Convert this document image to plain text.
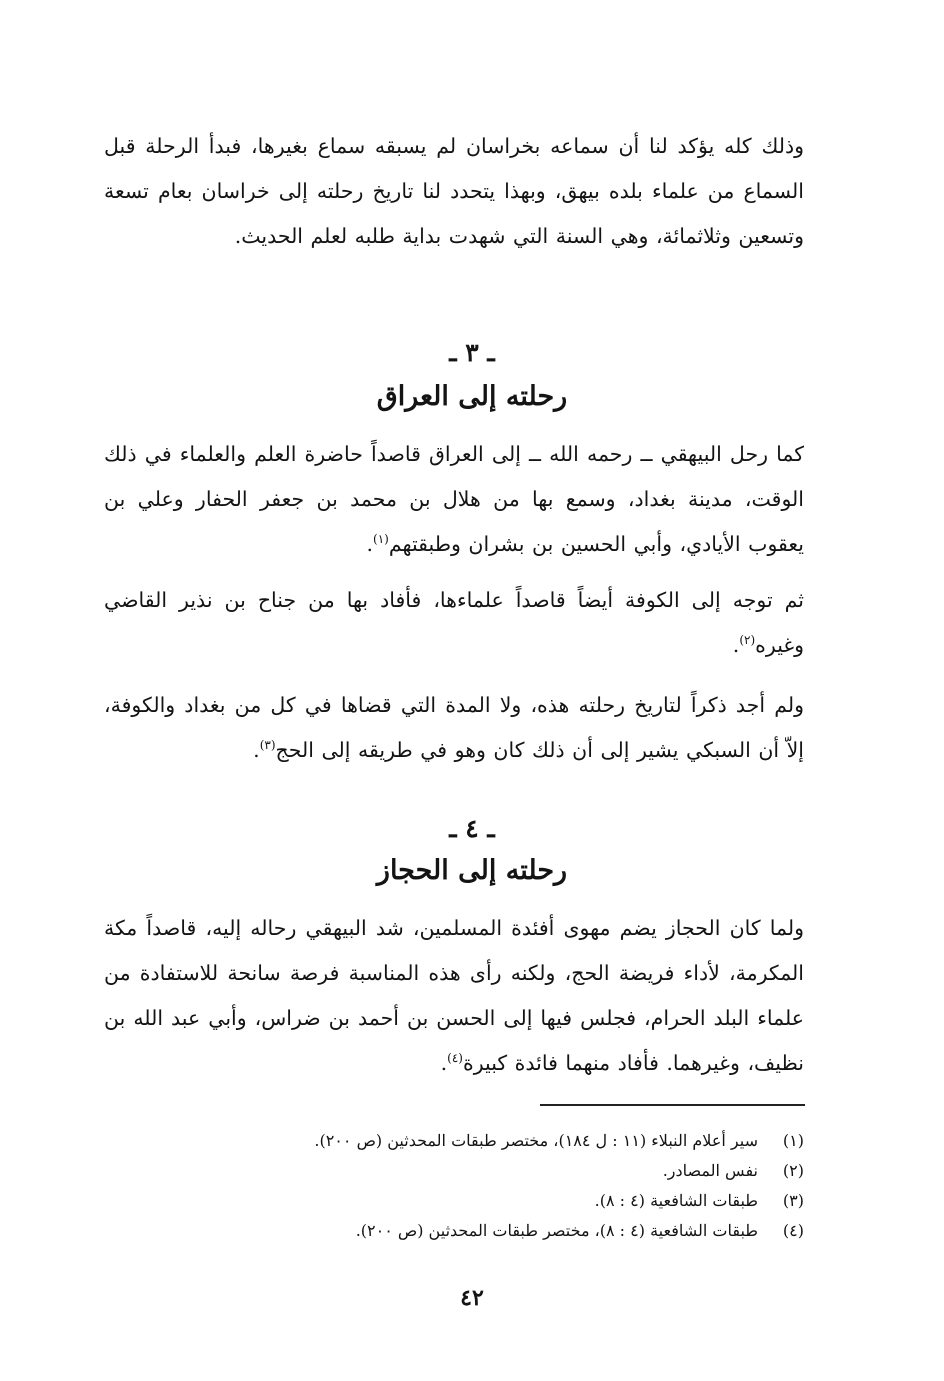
وذلك كله يؤكد لنا أن سماعه بخراسان لم يسبقه سماع بغيرها، فبدأ الرحلة قبل السماع من علماء بلده بيهق، وبهذا يتحدد لنا تاريخ رحلته إلى خراسان بعام تسعة وتسعين وثلاثمائة، وهي السنة التي شهدت بداية طلبه لعلم الحديث.

ـ ٣ ـ
رحلته إلى العراق

كما رحل البيهقي ــ رحمه الله ــ إلى العراق قاصداً حاضرة العلم والعلماء في ذلك الوقت، مدينة بغداد، وسمع بها من هلال بن محمد بن جعفر الحفار وعلي بن يعقوب الأيادي، وأبي الحسين بن بشران وطبقتهم$^{(١)}$.

ثم توجه إلى الكوفة أيضاً قاصداً علماءها، فأفاد بها من جناح بن نذير القاضي وغيره$^{(٢)}$.

ولم أجد ذكراً لتاريخ رحلته هذه، ولا المدة التي قضاها في كل من بغداد والكوفة، إلاّ أن السبكي يشير إلى أن ذلك كان وهو في طريقه إلى الحج$^{(٣)}$.

ـ ٤ ـ
رحلته إلى الحجاز

ولما كان الحجاز يضم مهوى أفئدة المسلمين، شد البيهقي رحاله إليه، قاصداً مكة المكرمة، لأداء فريضة الحج، ولكنه رأى هذه المناسبة فرصة سانحة للاستفادة من علماء البلد الحرام، فجلس فيها إلى الحسن بن أحمد بن ضراس، وأبي عبد الله بن نظيف، وغيرهما. فأفاد منهما فائدة كبيرة$^{(٤)}$.

(١)
سير أعلام النبلاء (١١ : ل ١٨٤)، مختصر طبقات المحدثين (ص ٢٠٠).
(٢)
نفس المصادر.
(٣)
طبقات الشافعية (٤ : ٨).
(٤)
طبقات الشافعية (٤ : ٨)، مختصر طبقات المحدثين (ص ٢٠٠).
٤٢
